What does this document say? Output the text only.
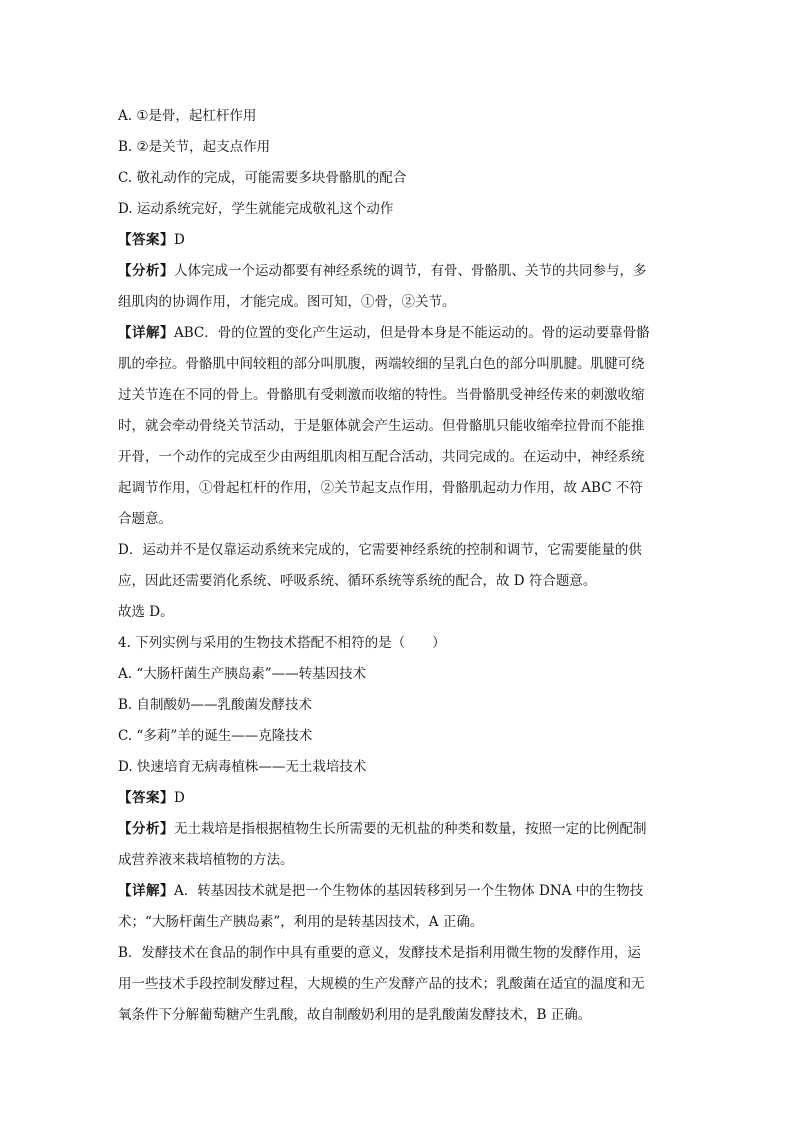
A. ①是骨，起杠杆作用
B. ②是关节，起支点作用
C. 敬礼动作的完成，可能需要多块骨骼肌的配合
D. 运动系统完好，学生就能完成敬礼这个动作
【答案】D
【分析】人体完成一个运动都要有神经系统的调节，有骨、骨骼肌、关节的共同参与，多
组肌肉的协调作用，才能完成。图可知，①骨，②关节。
【详解】ABC．骨的位置的变化产生运动，但是骨本身是不能运动的。骨的运动要靠骨骼
肌的牵拉。骨骼肌中间较粗的部分叫肌腹，两端较细的呈乳白色的部分叫肌腱。肌腱可绕
过关节连在不同的骨上。骨骼肌有受刺激而收缩的特性。当骨骼肌受神经传来的刺激收缩
时，就会牵动骨绕关节活动，于是躯体就会产生运动。但骨骼肌只能收缩牵拉骨而不能推
开骨，一个动作的完成至少由两组肌肉相互配合活动，共同完成的。在运动中，神经系统
起调节作用，①骨起杠杆的作用，②关节起支点作用，骨骼肌起动力作用，故 ABC 不符
合题意。
D．运动并不是仅靠运动系统来完成的，它需要神经系统的控制和调节，它需要能量的供
应，因此还需要消化系统、呼吸系统、循环系统等系统的配合，故 D 符合题意。
故选 D。
4. 下列实例与采用的生物技术搭配不相符的是（　　）
A. “大肠杆菌生产胰岛素”——转基因技术
B. 自制酸奶——乳酸菌发酵技术
C. “多莉”羊的诞生——克隆技术
D. 快速培育无病毒植株——无土栽培技术
【答案】D
【分析】无土栽培是指根据植物生长所需要的无机盐的种类和数量，按照一定的比例配制
成营养液来栽培植物的方法。
【详解】A．转基因技术就是把一个生物体的基因转移到另一个生物体 DNA 中的生物技
术；“大肠杆菌生产胰岛素”，利用的是转基因技术，A 正确。
B．发酵技术在食品的制作中具有重要的意义，发酵技术是指利用微生物的发酵作用，运
用一些技术手段控制发酵过程，大规模的生产发酵产品的技术；乳酸菌在适宜的温度和无
氧条件下分解葡萄糖产生乳酸，故自制酸奶利用的是乳酸菌发酵技术，B 正确。
